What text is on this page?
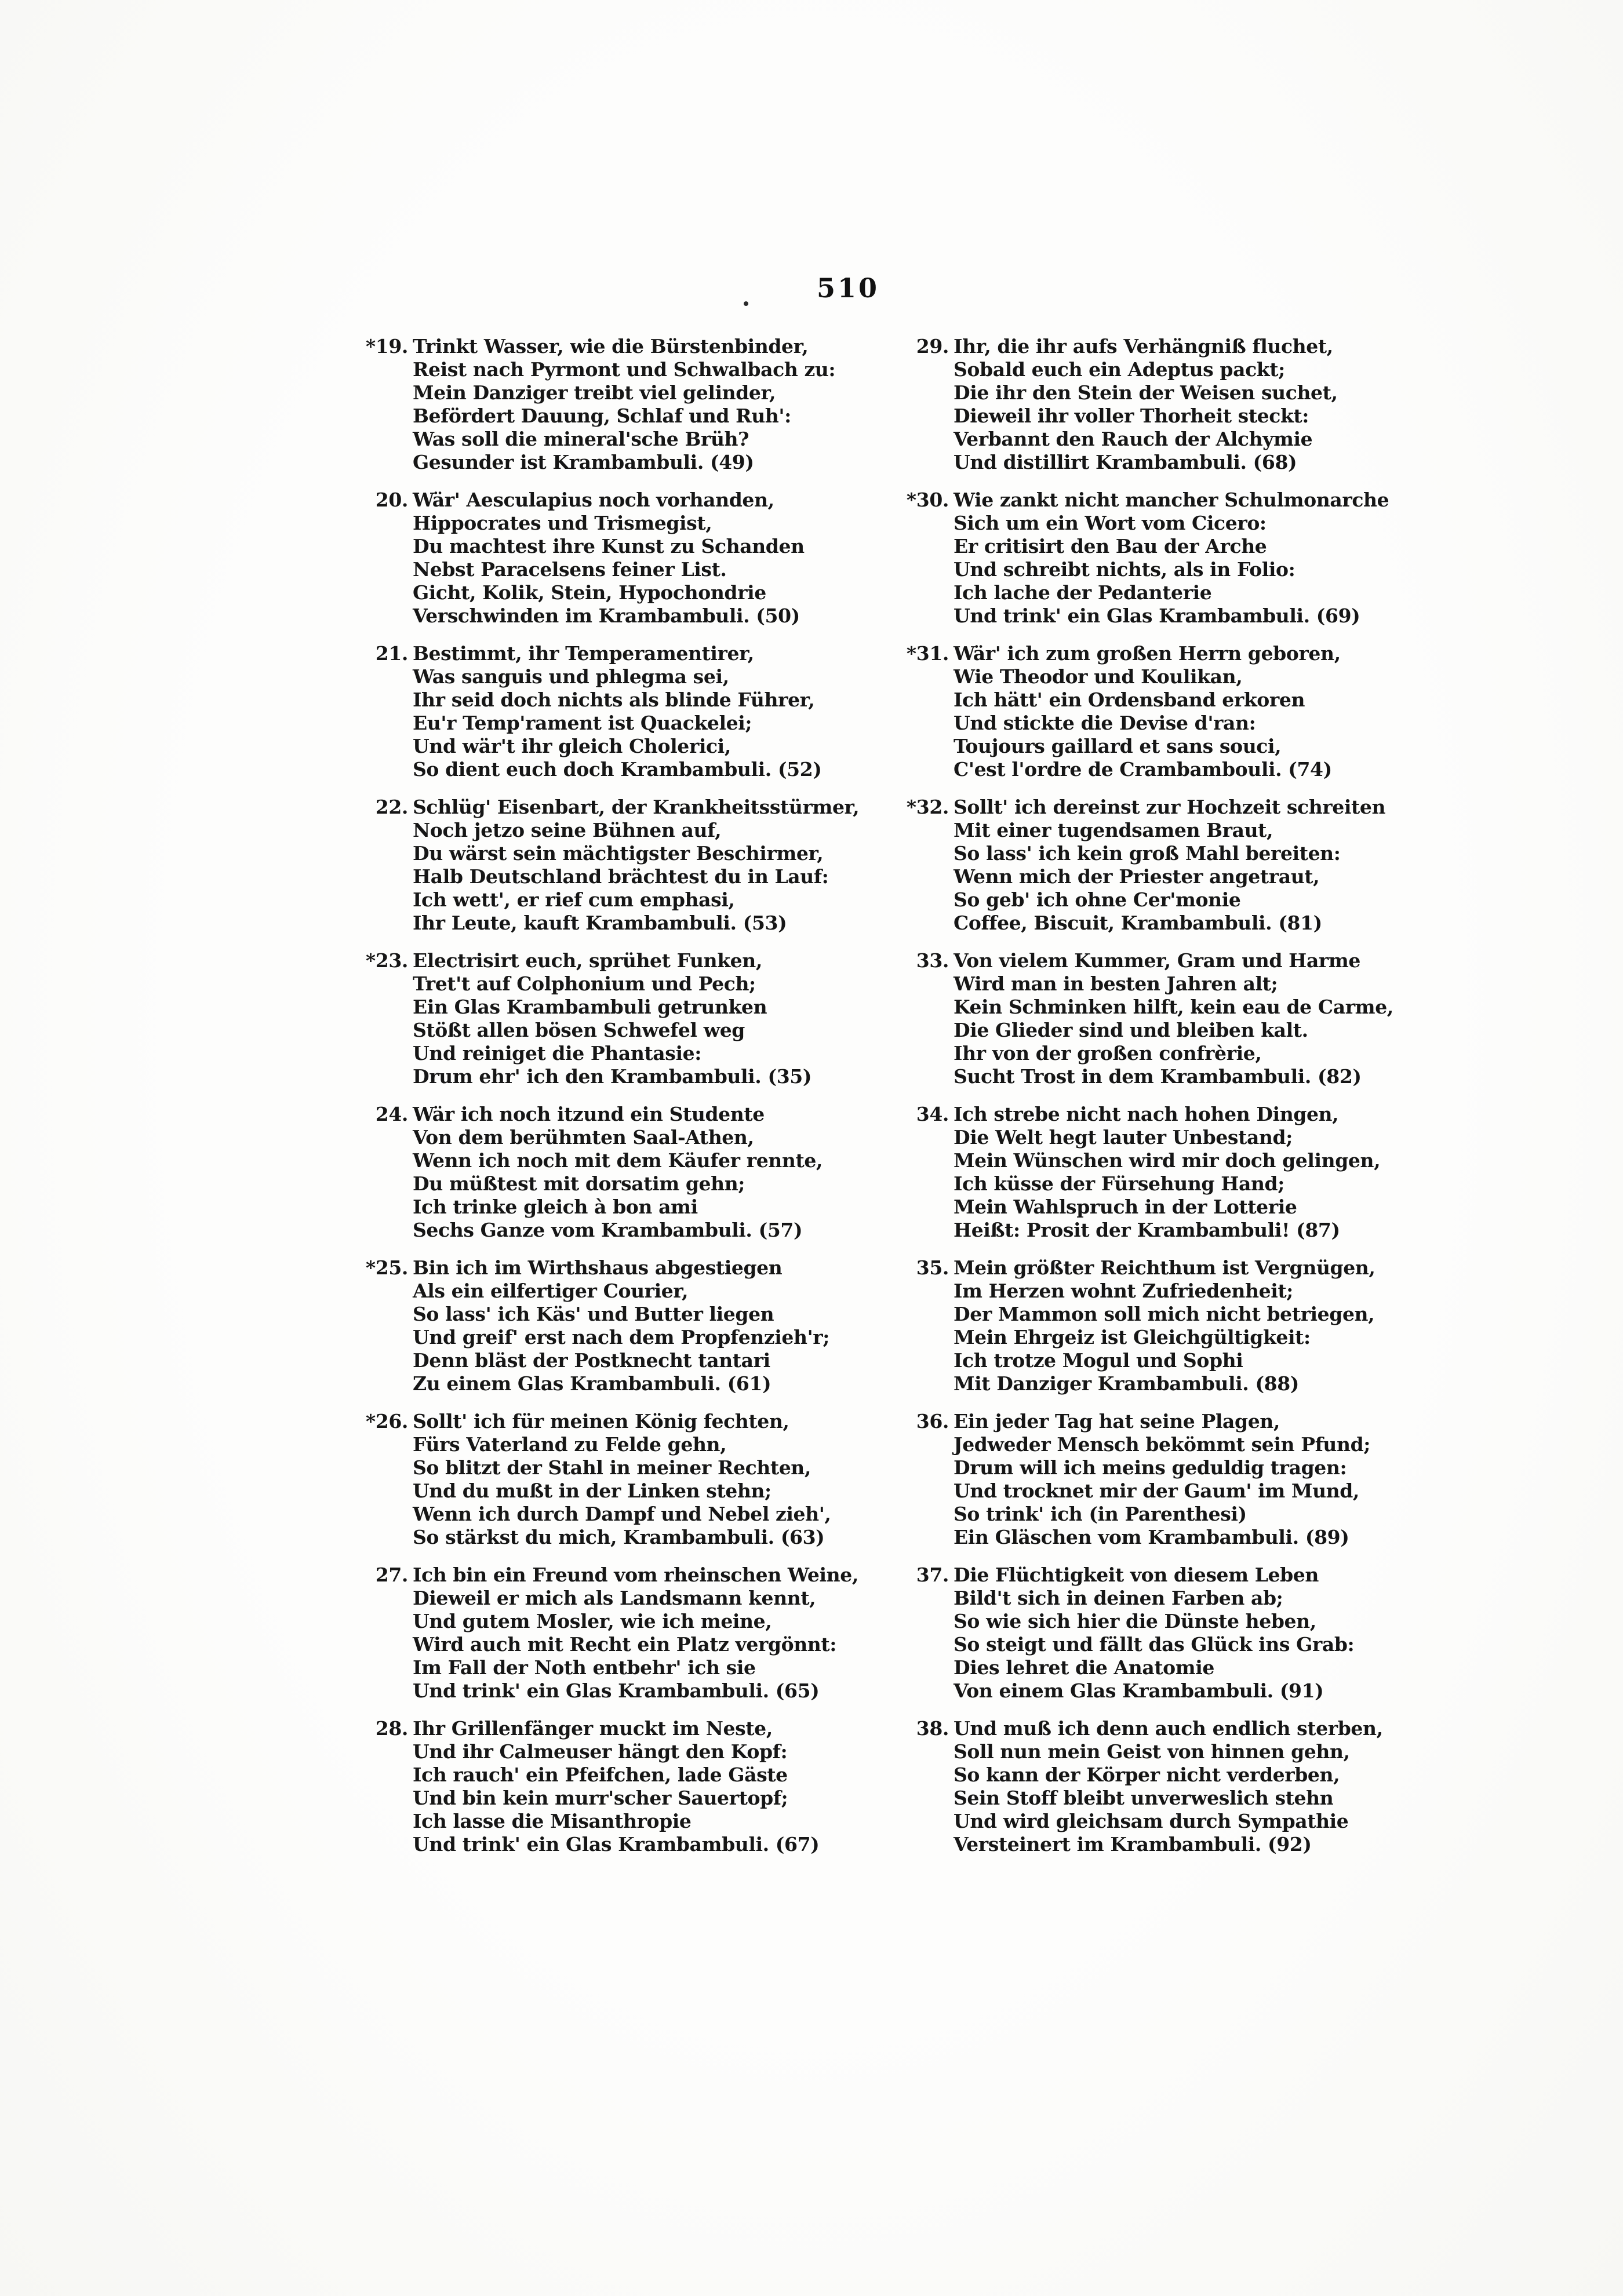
510
*19. Trinkt Wasser, wie die Bürstenbinder,
Reist nach Pyrmont und Schwalbach zu:
Mein Danziger treibt viel gelinder,
Befördert Dauung, Schlaf und Ruh':
Was soll die mineral'sche Brüh?
Gesunder ist Krambambuli. (49)
20. Wär' Aesculapius noch vorhanden,
Hippocrates und Trismegist,
Du machtest ihre Kunst zu Schanden
Nebst Paracelsens feiner List.
Gicht, Kolik, Stein, Hypochondrie
Verschwinden im Krambambuli. (50)
21. Bestimmt, ihr Temperamentirer,
Was sanguis und phlegma sei,
Ihr seid doch nichts als blinde Führer,
Eu'r Temp'rament ist Quackelei;
Und wär't ihr gleich Cholerici,
So dient euch doch Krambambuli. (52)
22. Schlüg' Eisenbart, der Krankheitsstürmer,
Noch jetzo seine Bühnen auf,
Du wärst sein mächtigster Beschirmer,
Halb Deutschland brächtest du in Lauf:
Ich wett', er rief cum emphasi,
Ihr Leute, kauft Krambambuli. (53)
*23. Electrisirt euch, sprühet Funken,
Tret't auf Colphonium und Pech;
Ein Glas Krambambuli getrunken
Stößt allen bösen Schwefel weg
Und reiniget die Phantasie:
Drum ehr' ich den Krambambuli. (35)
24. Wär ich noch itzund ein Studente
Von dem berühmten Saal-Athen,
Wenn ich noch mit dem Käufer rennte,
Du müßtest mit dorsatim gehn;
Ich trinke gleich à bon ami
Sechs Ganze vom Krambambuli. (57)
*25. Bin ich im Wirthshaus abgestiegen
Als ein eilfertiger Courier,
So lass' ich Käs' und Butter liegen
Und greif' erst nach dem Propfenzieh'r;
Denn bläst der Postknecht tantari
Zu einem Glas Krambambuli. (61)
*26. Sollt' ich für meinen König fechten,
Fürs Vaterland zu Felde gehn,
So blitzt der Stahl in meiner Rechten,
Und du mußt in der Linken stehn;
Wenn ich durch Dampf und Nebel zieh',
So stärkst du mich, Krambambuli. (63)
27. Ich bin ein Freund vom rheinschen Weine,
Dieweil er mich als Landsmann kennt,
Und gutem Mosler, wie ich meine,
Wird auch mit Recht ein Platz vergönnt:
Im Fall der Noth entbehr' ich sie
Und trink' ein Glas Krambambuli. (65)
28. Ihr Grillenfänger muckt im Neste,
Und ihr Calmeuser hängt den Kopf:
Ich rauch' ein Pfeifchen, lade Gäste
Und bin kein murr'scher Sauertopf;
Ich lasse die Misanthropie
Und trink' ein Glas Krambambuli. (67)
29. Ihr, die ihr aufs Verhängniß fluchet,
Sobald euch ein Adeptus packt;
Die ihr den Stein der Weisen suchet,
Dieweil ihr voller Thorheit steckt:
Verbannt den Rauch der Alchymie
Und distillirt Krambambuli. (68)
*30. Wie zankt nicht mancher Schulmonarche
Sich um ein Wort vom Cicero:
Er critisirt den Bau der Arche
Und schreibt nichts, als in Folio:
Ich lache der Pedanterie
Und trink' ein Glas Krambambuli. (69)
*31. Wär' ich zum großen Herrn geboren,
Wie Theodor und Koulikan,
Ich hätt' ein Ordensband erkoren
Und stickte die Devise d'ran:
Toujours gaillard et sans souci,
C'est l'ordre de Crambambouli. (74)
*32. Sollt' ich dereinst zur Hochzeit schreiten
Mit einer tugendsamen Braut,
So lass' ich kein groß Mahl bereiten:
Wenn mich der Priester angetraut,
So geb' ich ohne Cer'monie
Coffee, Biscuit, Krambambuli. (81)
33. Von vielem Kummer, Gram und Harme
Wird man in besten Jahren alt;
Kein Schminken hilft, kein eau de Carme,
Die Glieder sind und bleiben kalt.
Ihr von der großen confrèrie,
Sucht Trost in dem Krambambuli. (82)
34. Ich strebe nicht nach hohen Dingen,
Die Welt hegt lauter Unbestand;
Mein Wünschen wird mir doch gelingen,
Ich küsse der Fürsehung Hand;
Mein Wahlspruch in der Lotterie
Heißt: Prosit der Krambambuli! (87)
35. Mein größter Reichthum ist Vergnügen,
Im Herzen wohnt Zufriedenheit;
Der Mammon soll mich nicht betriegen,
Mein Ehrgeiz ist Gleichgültigkeit:
Ich trotze Mogul und Sophi
Mit Danziger Krambambuli. (88)
36. Ein jeder Tag hat seine Plagen,
Jedweder Mensch bekömmt sein Pfund;
Drum will ich meins geduldig tragen:
Und trocknet mir der Gaum' im Mund,
So trink' ich (in Parenthesi)
Ein Gläschen vom Krambambuli. (89)
37. Die Flüchtigkeit von diesem Leben
Bild't sich in deinen Farben ab;
So wie sich hier die Dünste heben,
So steigt und fällt das Glück ins Grab:
Dies lehret die Anatomie
Von einem Glas Krambambuli. (91)
38. Und muß ich denn auch endlich sterben,
Soll nun mein Geist von hinnen gehn,
So kann der Körper nicht verderben,
Sein Stoff bleibt unverweslich stehn
Und wird gleichsam durch Sympathie
Versteinert im Krambambuli. (92)
